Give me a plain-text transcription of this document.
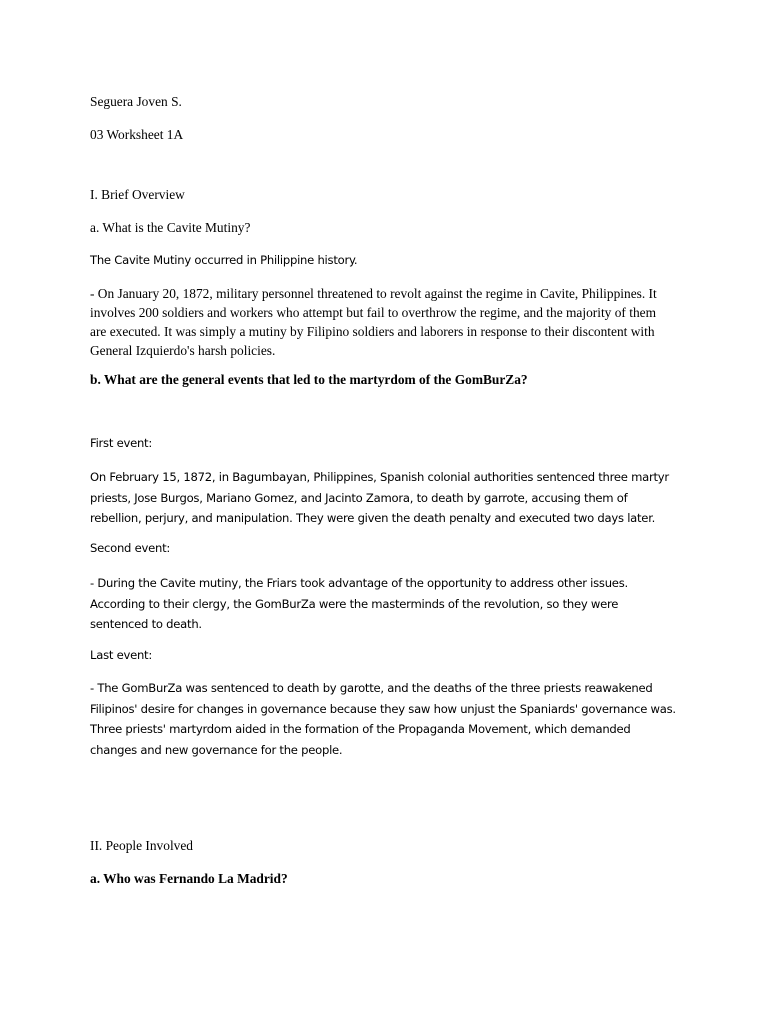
Seguera Joven S.
03 Worksheet 1A
I. Brief Overview
a. What is the Cavite Mutiny?
The Cavite Mutiny occurred in Philippine history.
- On January 20, 1872, military personnel threatened to revolt against the regime in Cavite, Philippines. It
involves 200 soldiers and workers who attempt but fail to overthrow the regime, and the majority of them
are executed. It was simply a mutiny by Filipino soldiers and laborers in response to their discontent with
General Izquierdo's harsh policies.
b. What are the general events that led to the martyrdom of the GomBurZa?
First event:
On February 15, 1872, in Bagumbayan, Philippines, Spanish colonial authorities sentenced three martyr
priests, Jose Burgos, Mariano Gomez, and Jacinto Zamora, to death by garrote, accusing them of
rebellion, perjury, and manipulation. They were given the death penalty and executed two days later.
Second event:
- During the Cavite mutiny, the Friars took advantage of the opportunity to address other issues.
According to their clergy, the GomBurZa were the masterminds of the revolution, so they were
sentenced to death.
Last event:
- The GomBurZa was sentenced to death by garotte, and the deaths of the three priests reawakened
Filipinos' desire for changes in governance because they saw how unjust the Spaniards' governance was.
Three priests' martyrdom aided in the formation of the Propaganda Movement, which demanded
changes and new governance for the people.
II. People Involved
a. Who was Fernando La Madrid?
